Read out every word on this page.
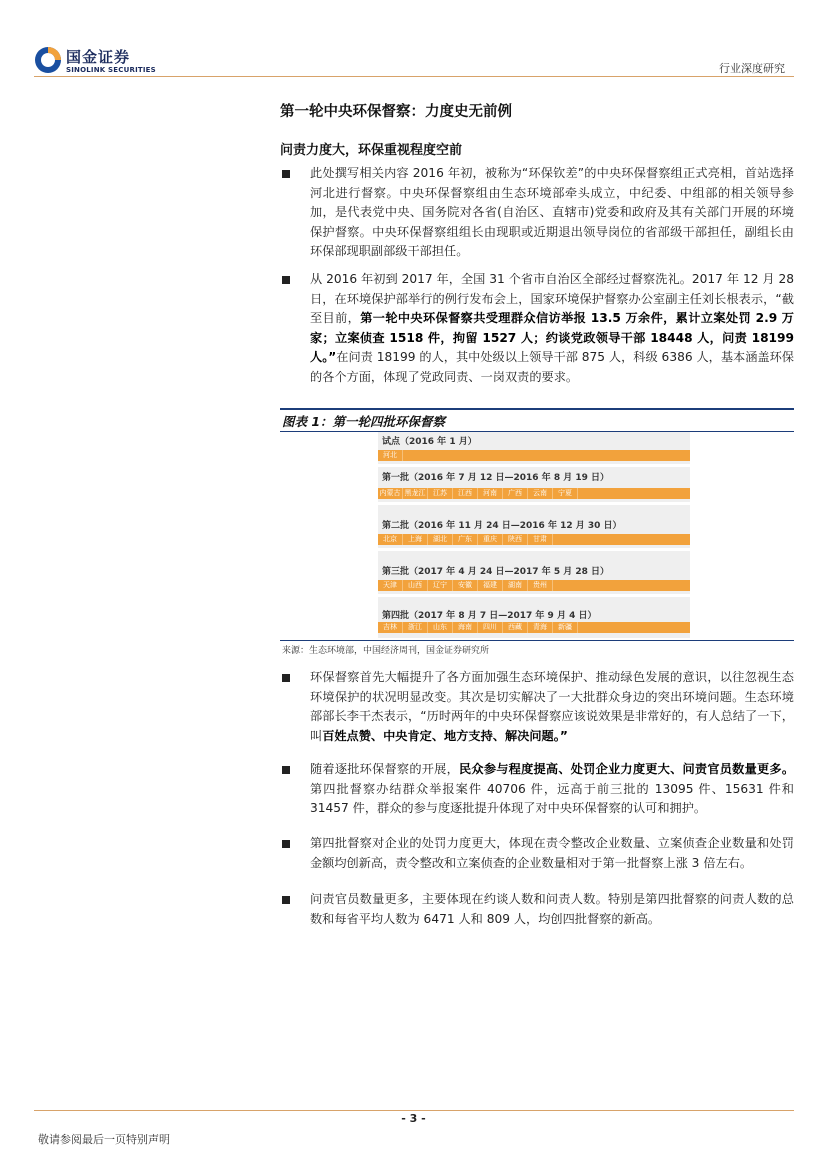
国金证券
SINOLINK SECURITIES	行业深度研究
第一轮中央环保督察：力度史无前例
问责力度大，环保重视程度空前
此处撰写相关内容 2016 年初，被称为“环保钦差”的中央环保督察组正式亮相，首站选择河北进行督察。中央环保督察组由生态环境部牵头成立，中纪委、中组部的相关领导参加，是代表党中央、国务院对各省(自治区、直辖市)党委和政府及其有关部门开展的环境保护督察。中央环保督察组组长由现职或近期退出领导岗位的省部级干部担任，副组长由环保部现职副部级干部担任。
从 2016 年初到 2017 年，全国 31 个省市自治区全部经过督察洗礼。2017 年 12 月 28 日，在环境保护部举行的例行发布会上，国家环境保护督察办公室副主任刘长根表示，“截至目前，第一轮中央环保督察共受理群众信访举报 13.5 万余件，累计立案处罚 2.9 万家；立案侦查 1518 件，拘留 1527 人；约谈党政领导干部 18448 人，问责 18199 人。”在问责 18199 的人，其中处级以上领导干部 875 人，科级 6386 人，基本涵盖环保的各个方面，体现了党政同责、一岗双责的要求。
图表 1：第一轮四批环保督察
试点（2016 年 1 月）
河北
第一批（2016 年 7 月 12 日—2016 年 8 月 19 日）
内蒙古 黑龙江	江苏	江西	河南	广西	云南	宁夏
第二批（2016 年 11 月 24 日—2016 年 12 月 30 日）
北京	上海	湖北	广东	重庆	陕西	甘肃
第三批（2017 年 4 月 24 日—2017 年 5 月 28 日）
天津	山西	辽宁	安徽	福建	湖南	贵州
第四批（2017 年 8 月 7 日—2017 年 9 月 4 日）
吉林	浙江	山东	海南	四川	西藏	青海	新疆
来源：生态环境部，中国经济周刊，国金证券研究所
环保督察首先大幅提升了各方面加强生态环境保护、推动绿色发展的意识，以往忽视生态环境保护的状况明显改变。其次是切实解决了一大批群众身边的突出环境问题。生态环境部部长李干杰表示，“历时两年的中央环保督察应该说效果是非常好的，有人总结了一下，叫百姓点赞、中央肯定、地方支持、解决问题。”
随着逐批环保督察的开展，民众参与程度提高、处罚企业力度更大、问责官员数量更多。第四批督察办结群众举报案件 40706 件，远高于前三批的 13095 件、15631 件和 31457 件，群众的参与度逐批提升体现了对中央环保督察的认可和拥护。
第四批督察对企业的处罚力度更大，体现在责令整改企业数量、立案侦查企业数量和处罚金额均创新高，责令整改和立案侦查的企业数量相对于第一批督察上涨 3 倍左右。
问责官员数量更多，主要体现在约谈人数和问责人数。特别是第四批督察的问责人数的总数和每省平均人数为 6471 人和 809 人，均创四批督察的新高。
- 3 -
敬请参阅最后一页特别声明
